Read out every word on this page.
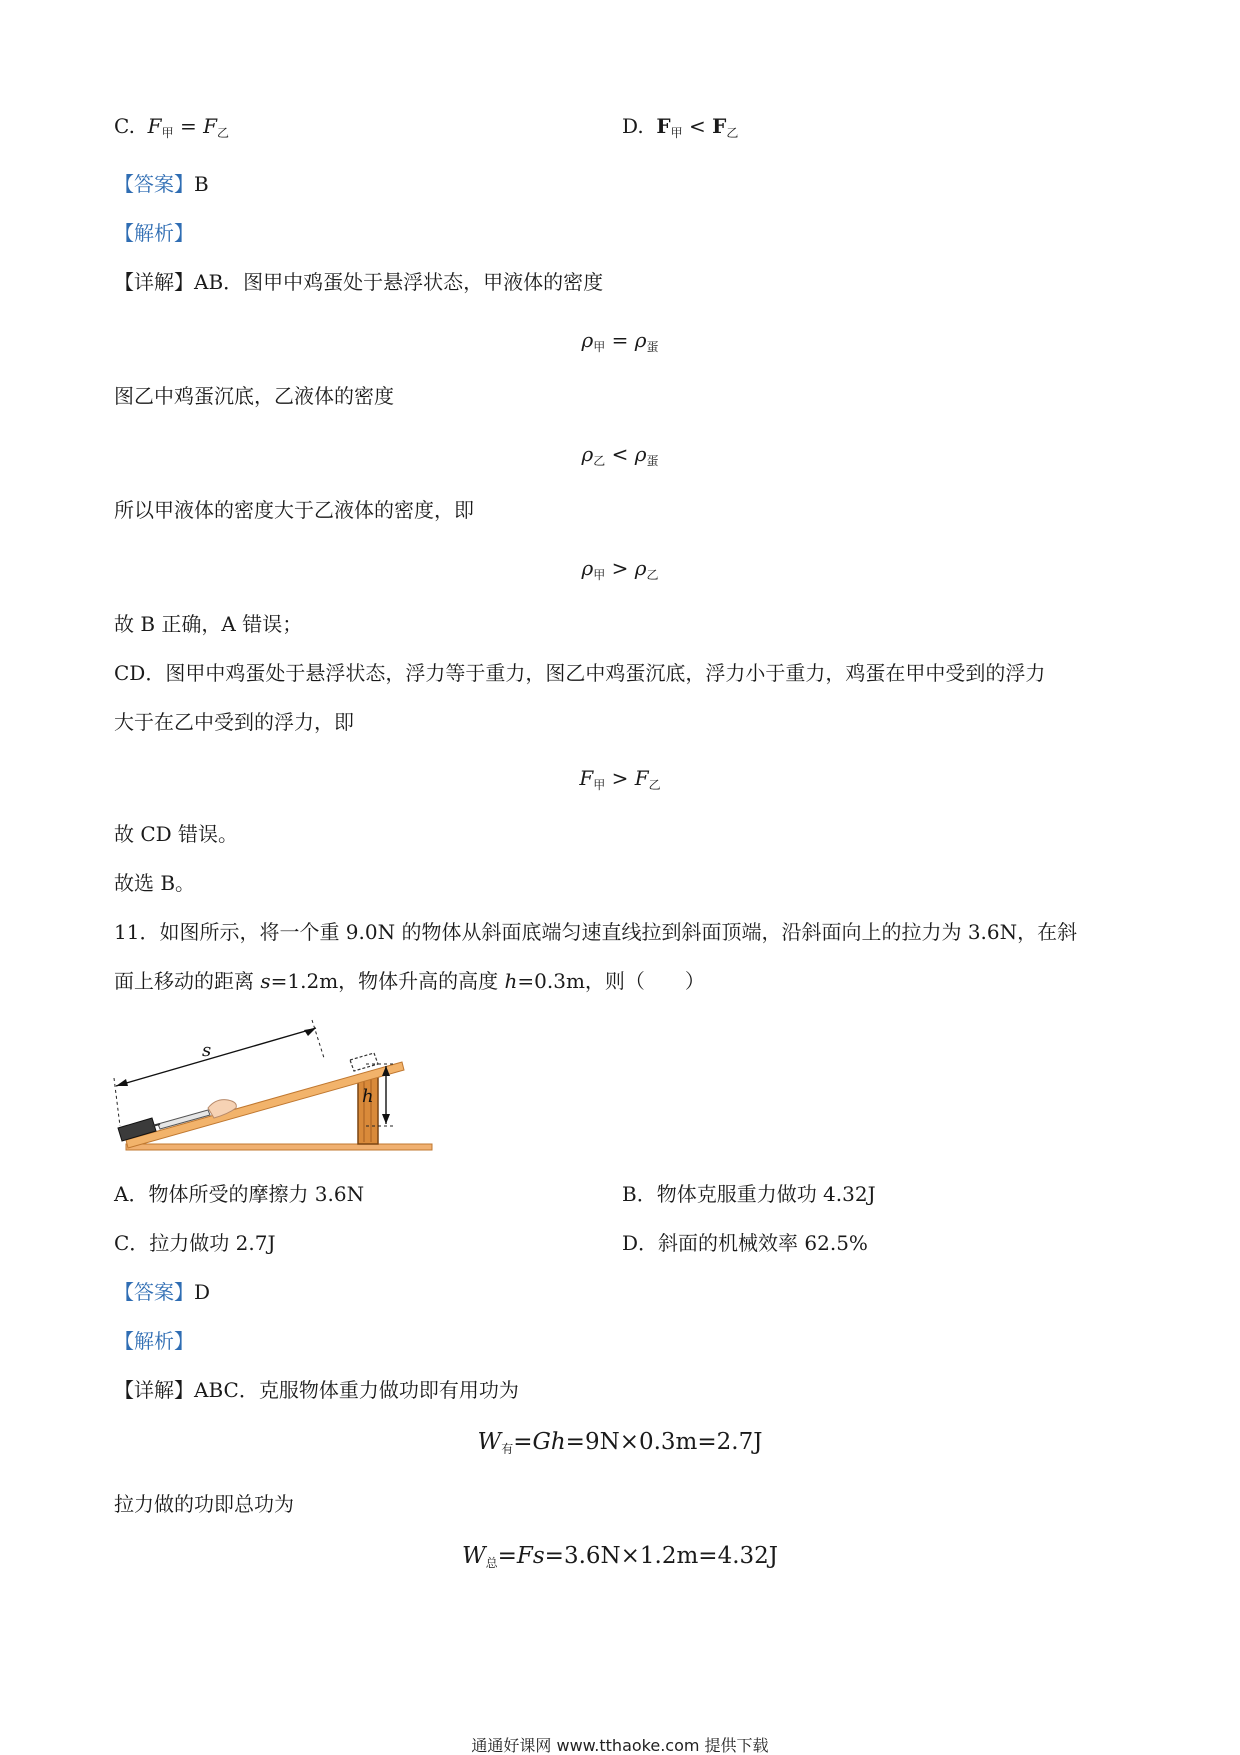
C. $F_甲 = F_乙$	D. $F_甲 < F_乙$
【答案】B
【解析】
【详解】AB．图甲中鸡蛋处于悬浮状态，甲液体的密度
$\rho_甲 = \rho_蛋$
图乙中鸡蛋沉底，乙液体的密度
$\rho_乙 < \rho_蛋$
所以甲液体的密度大于乙液体的密度，即
$\rho_甲 > \rho_乙$
故 B 正确，A 错误；
CD．图甲中鸡蛋处于悬浮状态，浮力等于重力，图乙中鸡蛋沉底，浮力小于重力，鸡蛋在甲中受到的浮力
大于在乙中受到的浮力，即
$F_甲 > F_乙$
故 CD 错误。
故选 B。
11．如图所示，将一个重 9.0N 的物体从斜面底端匀速直线拉到斜面顶端，沿斜面向上的拉力为 3.6N，在斜
面上移动的距离 s=1.2m，物体升高的高度 h=0.3m，则（　　）
s
h
A．物体所受的摩擦力 3.6N	B．物体克服重力做功 4.32J
C．拉力做功 2.7J	D．斜面的机械效率 62.5%
【答案】D
【解析】
【详解】ABC．克服物体重力做功即有用功为
$W_有=Gh=9N\times 0.3m=2.7J$
拉力做的功即总功为
$W_总=Fs=3.6N\times 1.2m=4.32J$
通通好课网 www.tthaoke.com 提供下载
